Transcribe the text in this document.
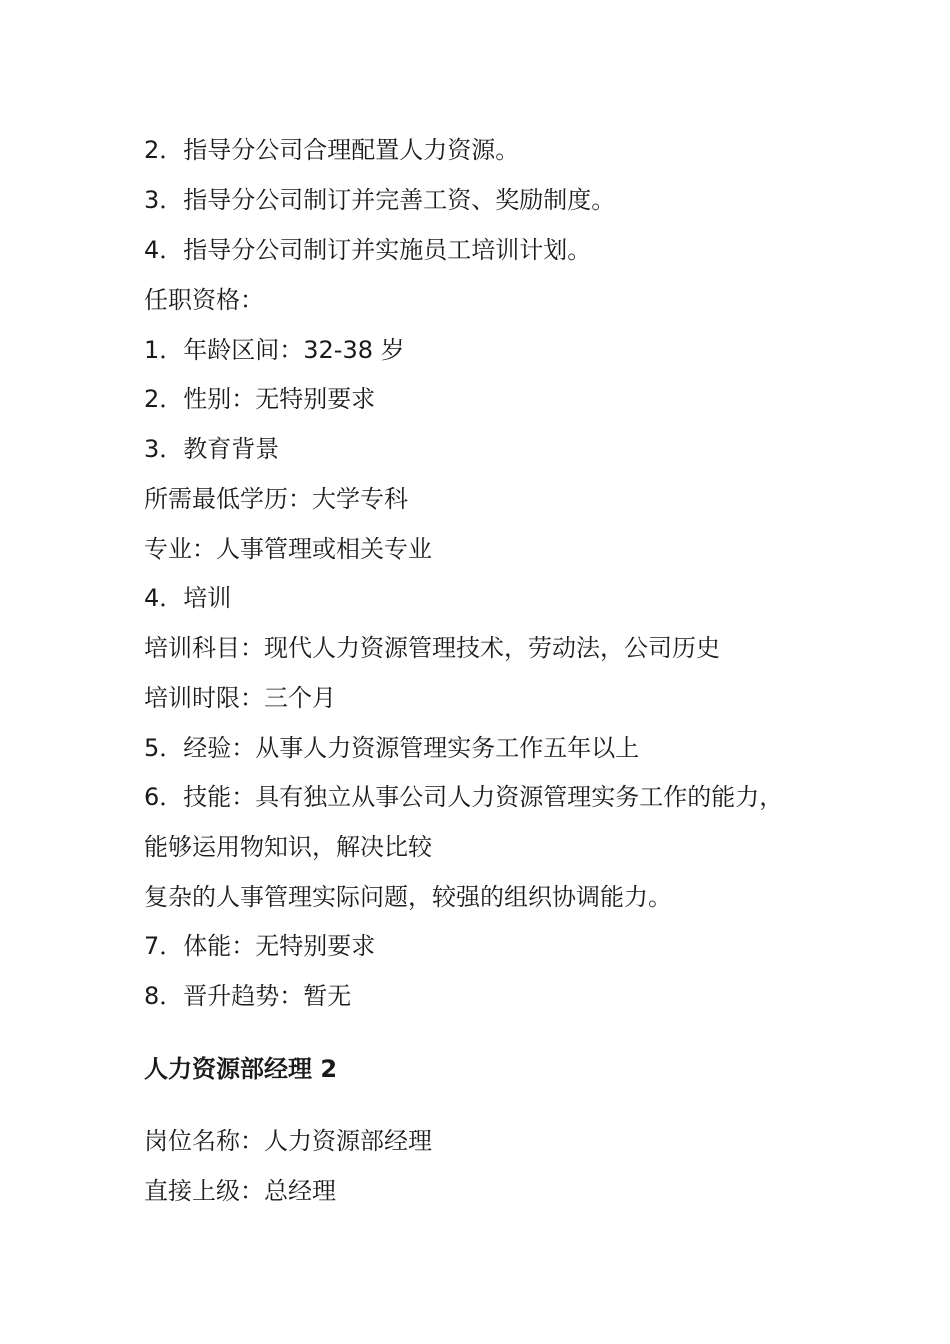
2．指导分公司合理配置人力资源。
3．指导分公司制订并完善工资、奖励制度。
4．指导分公司制订并实施员工培训计划。
任职资格：
1．年龄区间：32-38 岁
2．性别：无特别要求
3．教育背景
所需最低学历：大学专科
专业：人事管理或相关专业
4．培训
培训科目：现代人力资源管理技术，劳动法，公司历史
培训时限：三个月
5．经验：从事人力资源管理实务工作五年以上
6．技能：具有独立从事公司人力资源管理实务工作的能力，
能够运用物知识，解决比较
复杂的人事管理实际问题，较强的组织协调能力。
7．体能：无特别要求
8．晋升趋势：暂无
人力资源部经理 2
岗位名称：人力资源部经理
直接上级：总经理
